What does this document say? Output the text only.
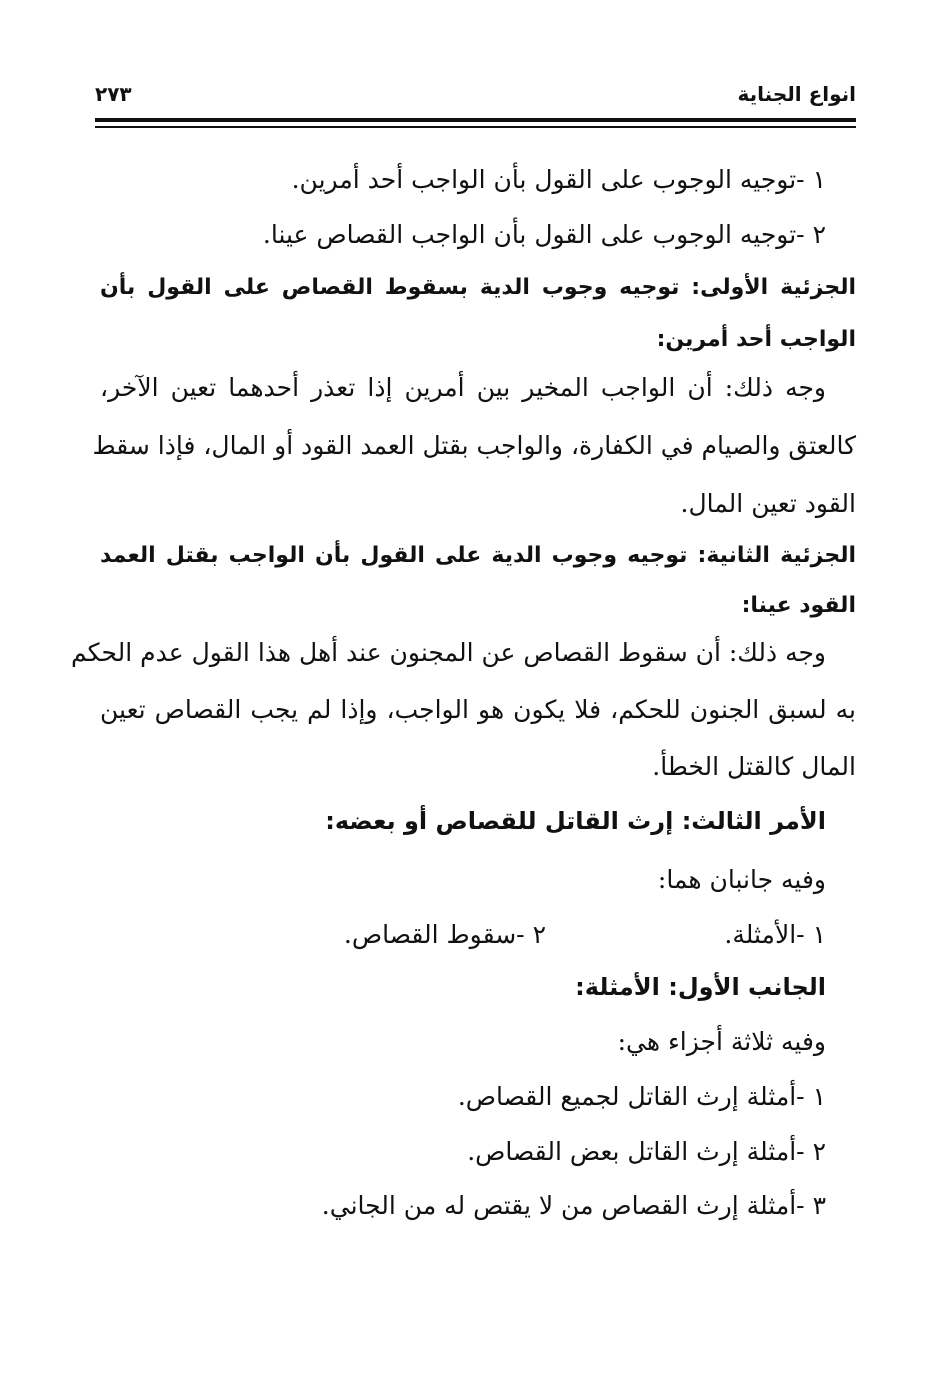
انواع الجناية
٢٧٣
١ -توجيه الوجوب على القول بأن الواجب أحد أمرين.
٢ -توجيه الوجوب على القول بأن الواجب القصاص عينا.
الجزئية الأولى: توجيه وجوب الدية بسقوط القصاص على القول بأن
الواجب أحد أمرين:
وجه ذلك: أن الواجب المخير بين أمرين إذا تعذر أحدهما تعين الآخر،
كالعتق والصيام في الكفارة، والواجب بقتل العمد القود أو المال، فإذا سقط
القود تعين المال.
الجزئية الثانية: توجيه وجوب الدية على القول بأن الواجب بقتل العمد
القود عينا:
وجه ذلك: أن سقوط القصاص عن المجنون عند أهل هذا القول عدم الحكم
به لسبق الجنون للحكم، فلا يكون هو الواجب، وإذا لم يجب القصاص تعين
المال كالقتل الخطأ.
الأمر الثالث: إرث القاتل للقصاص أو بعضه:
وفيه جانبان هما:
١ -الأمثلة.
٢ -سقوط القصاص.
الجانب الأول: الأمثلة:
وفيه ثلاثة أجزاء هي:
١ -أمثلة إرث القاتل لجميع القصاص.
٢ -أمثلة إرث القاتل بعض القصاص.
٣ -أمثلة إرث القصاص من لا يقتص له من الجاني.
